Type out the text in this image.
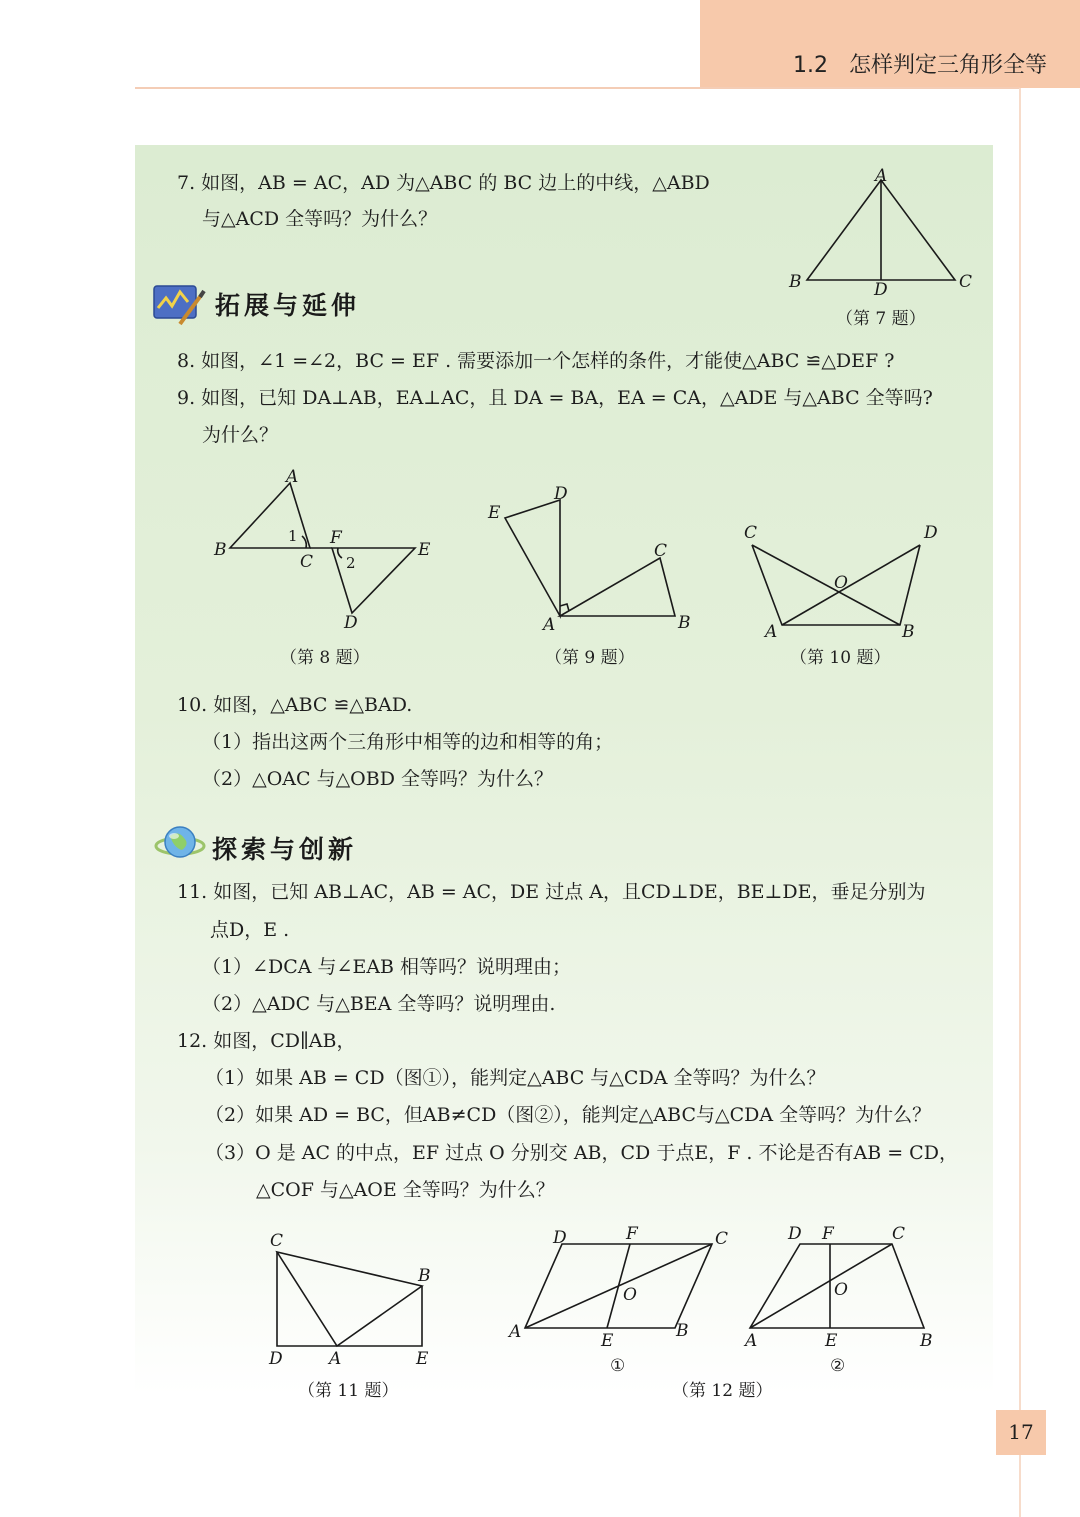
1.2 怎样判定三角形全等
7. 如图，AB = AC，AD 为△ABC 的 BC 边上的中线，△ABD
与△ACD 全等吗？为什么？
A
B	C
D
（第 7 题）
拓展与延伸
8. 如图，∠1 =∠2，BC = EF . 需要添加一个怎样的条件，才能使△ABC ≌△DEF ?
9. 如图，已知 DA⊥AB，EA⊥AC，且 DA = BA，EA = CA，△ADE 与△ABC 全等吗?
为什么？
A
B
C
D
E
F
1
2
（第 8 题）
D
E
C
A	B
（第 9 题）
C	D
O
A	B
（第 10 题）
10. 如图，△ABC ≌△BAD.
（1）指出这两个三角形中相等的边和相等的角；
（2）△OAC 与△OBD 全等吗？为什么？
探索与创新
11. 如图，已知 AB⊥AC，AB = AC，DE 过点 A，且CD⊥DE，BE⊥DE，垂足分别为
点D，E .
（1）∠DCA 与∠EAB 相等吗？说明理由；
（2）△ADC 与△BEA 全等吗？说明理由.
12. 如图，CD∥AB，
（1）如果 AB = CD（图①），能判定△ABC 与△CDA 全等吗？为什么？
（2）如果 AD = BC，但AB≠CD（图②），能判定△ABC与△CDA 全等吗？为什么？
（3）O 是 AC 的中点，EF 过点 O 分别交 AB，CD 于点E，F . 不论是否有AB = CD，
△COF 与△AOE 全等吗？为什么？
C
B
D	A	E
（第 11 题）
D	F	C
O
A	E	B
①
D F	C
O
A	E	B
②
（第 12 题）
17
